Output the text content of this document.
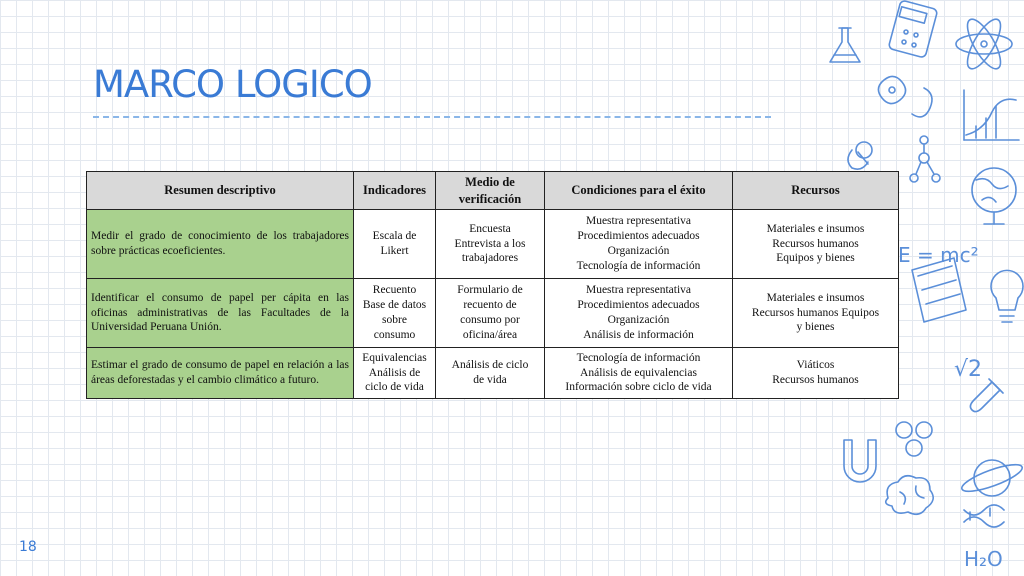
MARCO LOGICO
Resumen descriptivo	Indicadores	Medio de verificación	Condiciones para el éxito	Recursos
Medir el grado de conocimiento de los trabajadores sobre prácticas ecoeficientes.	Escala de
Likert	Encuesta
Entrevista a los
trabajadores	Muestra representativa
Procedimientos adecuados
Organización
Tecnología de información	Materiales e insumos
Recursos humanos
Equipos y bienes

Identificar el consumo de papel per cápita en las oficinas administrativas de las Facultades de la Universidad Peruana Unión.	Recuento
Base de datos
sobre
consumo	Formulario de
recuento de
consumo por
oficina/área	Muestra representativa
Procedimientos adecuados
Organización
Análisis de información	Materiales e insumos
Recursos humanos Equipos
y bienes

Estimar el grado de consumo de papel en relación a las áreas deforestadas y el cambio climático a futuro.	Equivalencias
Análisis de
ciclo de vida	Análisis de ciclo
de vida	Tecnología de información
Análisis de equivalencias
Información sobre ciclo de vida	Viáticos
Recursos humanos
18
E = mc²
√2
H₂O
